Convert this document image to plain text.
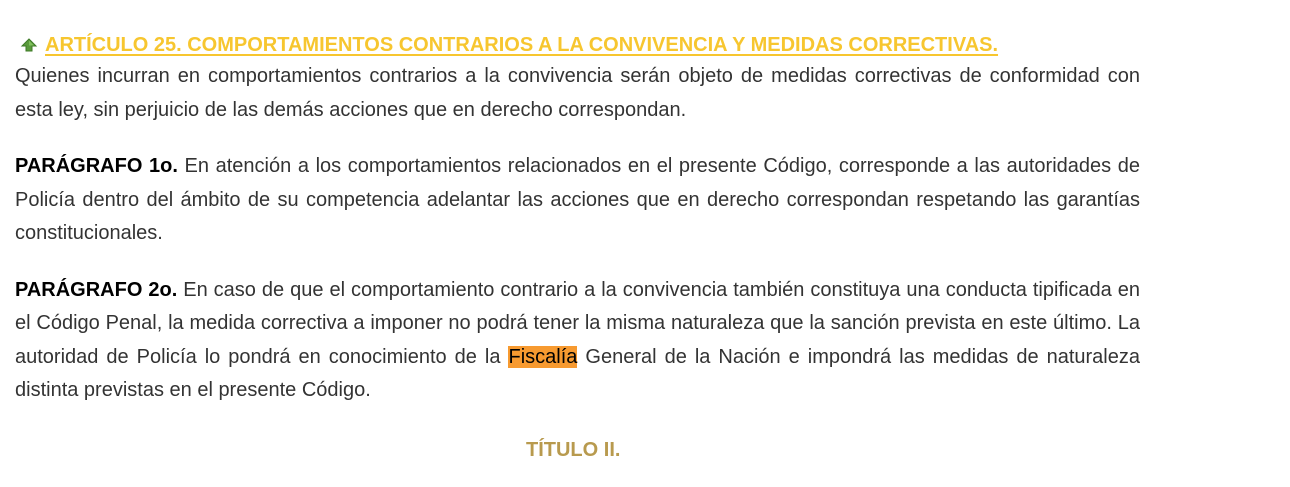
ARTÍCULO 25. COMPORTAMIENTOS CONTRARIOS A LA CONVIVENCIA Y MEDIDAS CORRECTIVAS.

Quienes incurran en comportamientos contrarios a la convivencia serán objeto de medidas correctivas de conformidad con esta ley, sin perjuicio de las demás acciones que en derecho correspondan.

PARÁGRAFO 1o. En atención a los comportamientos relacionados en el presente Código, corresponde a las autoridades de Policía dentro del ámbito de su competencia adelantar las acciones que en derecho correspondan respetando las garantías constitucionales.

PARÁGRAFO 2o. En caso de que el comportamiento contrario a la convivencia también constituya una conducta tipificada en el Código Penal, la medida correctiva a imponer no podrá tener la misma naturaleza que la sanción prevista en este último. La autoridad de Policía lo pondrá en conocimiento de la Fiscalía General de la Nación e impondrá las medidas de naturaleza distinta previstas en el presente Código.

TÍTULO II.
